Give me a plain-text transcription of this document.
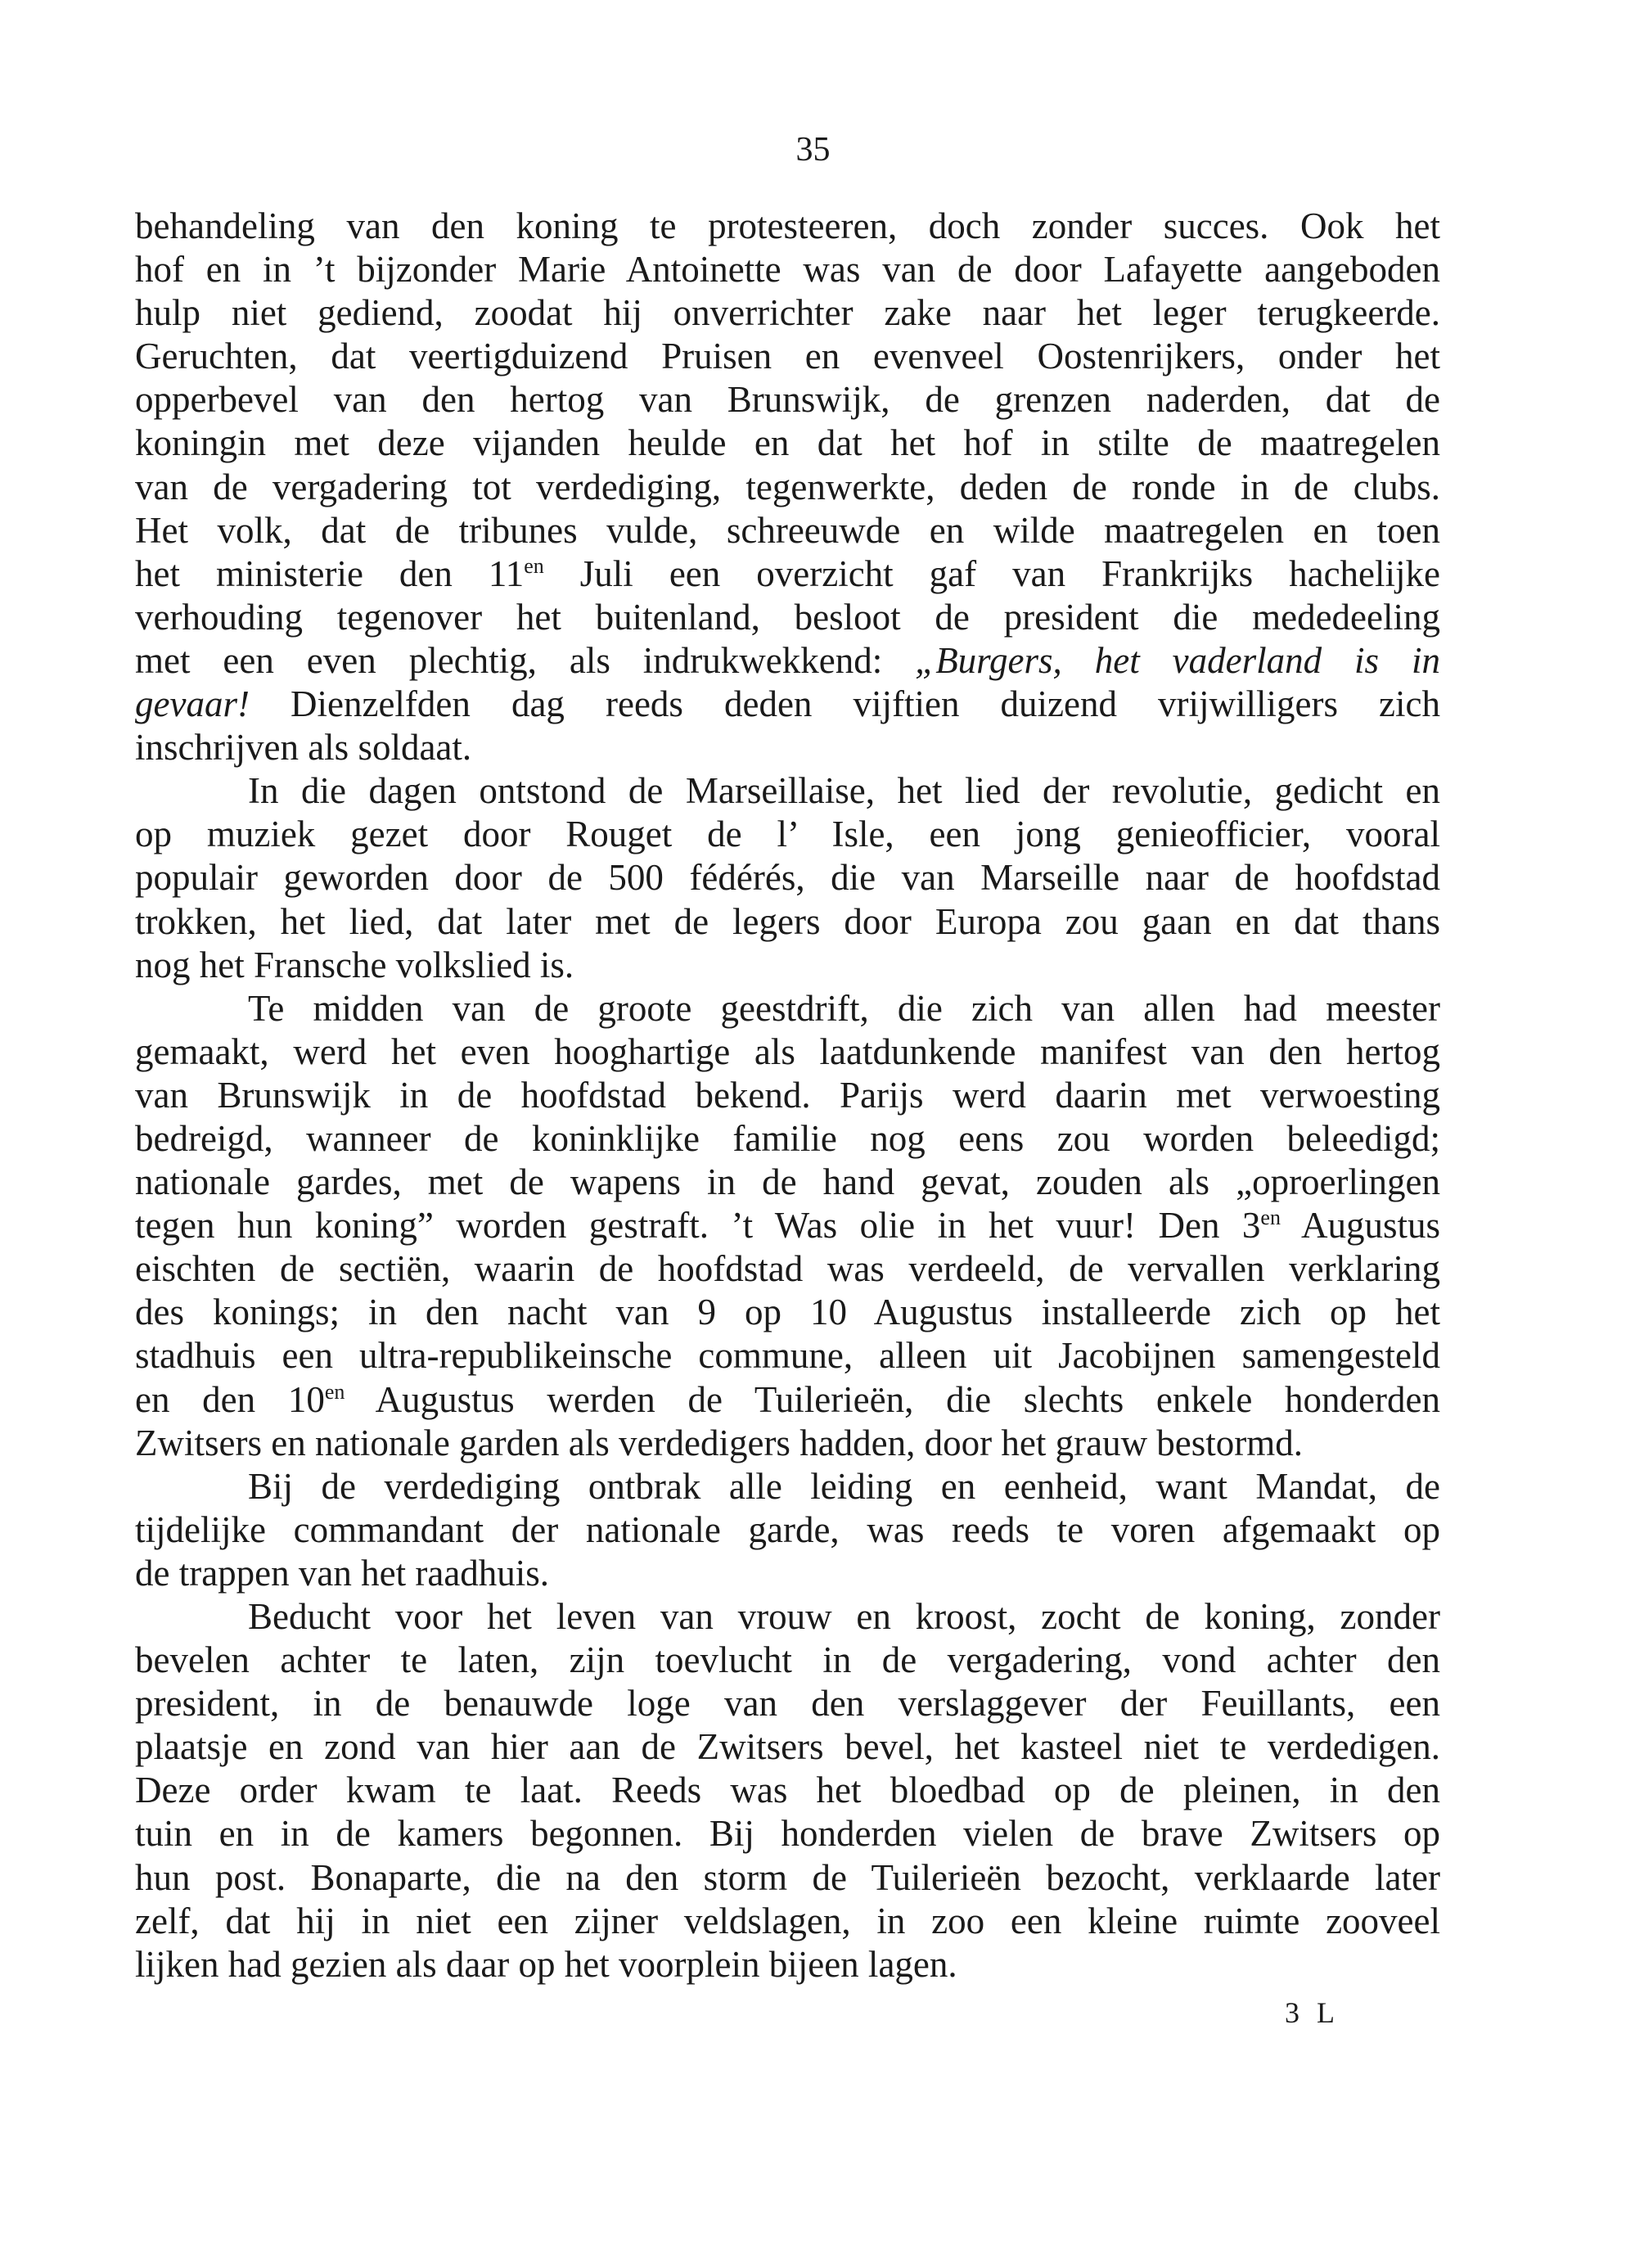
35
behandeling van den koning te protesteeren, doch zonder succes. Ook het
hof en in ’t bijzonder Marie Antoinette was van de door Lafayette aangeboden
hulp niet gediend, zoodat hij onverrichter zake naar het leger terugkeerde.
Geruchten, dat veertigduizend Pruisen en evenveel Oostenrijkers, onder het
opperbevel van den hertog van Brunswijk, de grenzen naderden, dat de
koningin met deze vijanden heulde en dat het hof in stilte de maatregelen
van de vergadering tot verdediging, tegenwerkte, deden de ronde in de clubs.
Het volk, dat de tribunes vulde, schreeuwde en wilde maatregelen en toen
het ministerie den $11^{en}$ Juli een overzicht gaf van Frankrijks hachelijke
verhouding tegenover het buitenland, besloot de president die mededeeling
met een even plechtig, als indrukwekkend: „Burgers, het vaderland is in
gevaar! Dienzelfden dag reeds deden vijftien duizend vrijwilligers zich
inschrijven als soldaat.
In die dagen ontstond de Marseillaise, het lied der revolutie, gedicht en
op muziek gezet door Rouget de l’ Isle, een jong genieofficier, vooral
populair geworden door de 500 fédérés, die van Marseille naar de hoofdstad
trokken, het lied, dat later met de legers door Europa zou gaan en dat thans
nog het Fransche volkslied is.
Te midden van de groote geestdrift, die zich van allen had meester
gemaakt, werd het even hooghartige als laatdunkende manifest van den hertog
van Brunswijk in de hoofdstad bekend. Parijs werd daarin met verwoesting
bedreigd, wanneer de koninklijke familie nog eens zou worden beleedigd;
nationale gardes, met de wapens in de hand gevat, zouden als „oproerlingen
tegen hun koning” worden gestraft. ’t Was olie in het vuur! Den $3^{en}$ Augustus
eischten de sectiën, waarin de hoofdstad was verdeeld, de vervallen verklaring
des konings; in den nacht van 9 op 10 Augustus installeerde zich op het
stadhuis een ultra-republikeinsche commune, alleen uit Jacobijnen samengesteld
en den $10^{en}$ Augustus werden de Tuilerieën, die slechts enkele honderden
Zwitsers en nationale garden als verdedigers hadden, door het grauw bestormd.
Bij de verdediging ontbrak alle leiding en eenheid, want Mandat, de
tijdelijke commandant der nationale garde, was reeds te voren afgemaakt op
de trappen van het raadhuis.
Beducht voor het leven van vrouw en kroost, zocht de koning, zonder
bevelen achter te laten, zijn toevlucht in de vergadering, vond achter den
president, in de benauwde loge van den verslaggever der Feuillants, een
plaatsje en zond van hier aan de Zwitsers bevel, het kasteel niet te verdedigen.
Deze order kwam te laat. Reeds was het bloedbad op de pleinen, in den
tuin en in de kamers begonnen. Bij honderden vielen de brave Zwitsers op
hun post. Bonaparte, die na den storm de Tuilerieën bezocht, verklaarde later
zelf, dat hij in niet een zijner veldslagen, in zoo een kleine ruimte zooveel
lijken had gezien als daar op het voorplein bijeen lagen.
3 L
